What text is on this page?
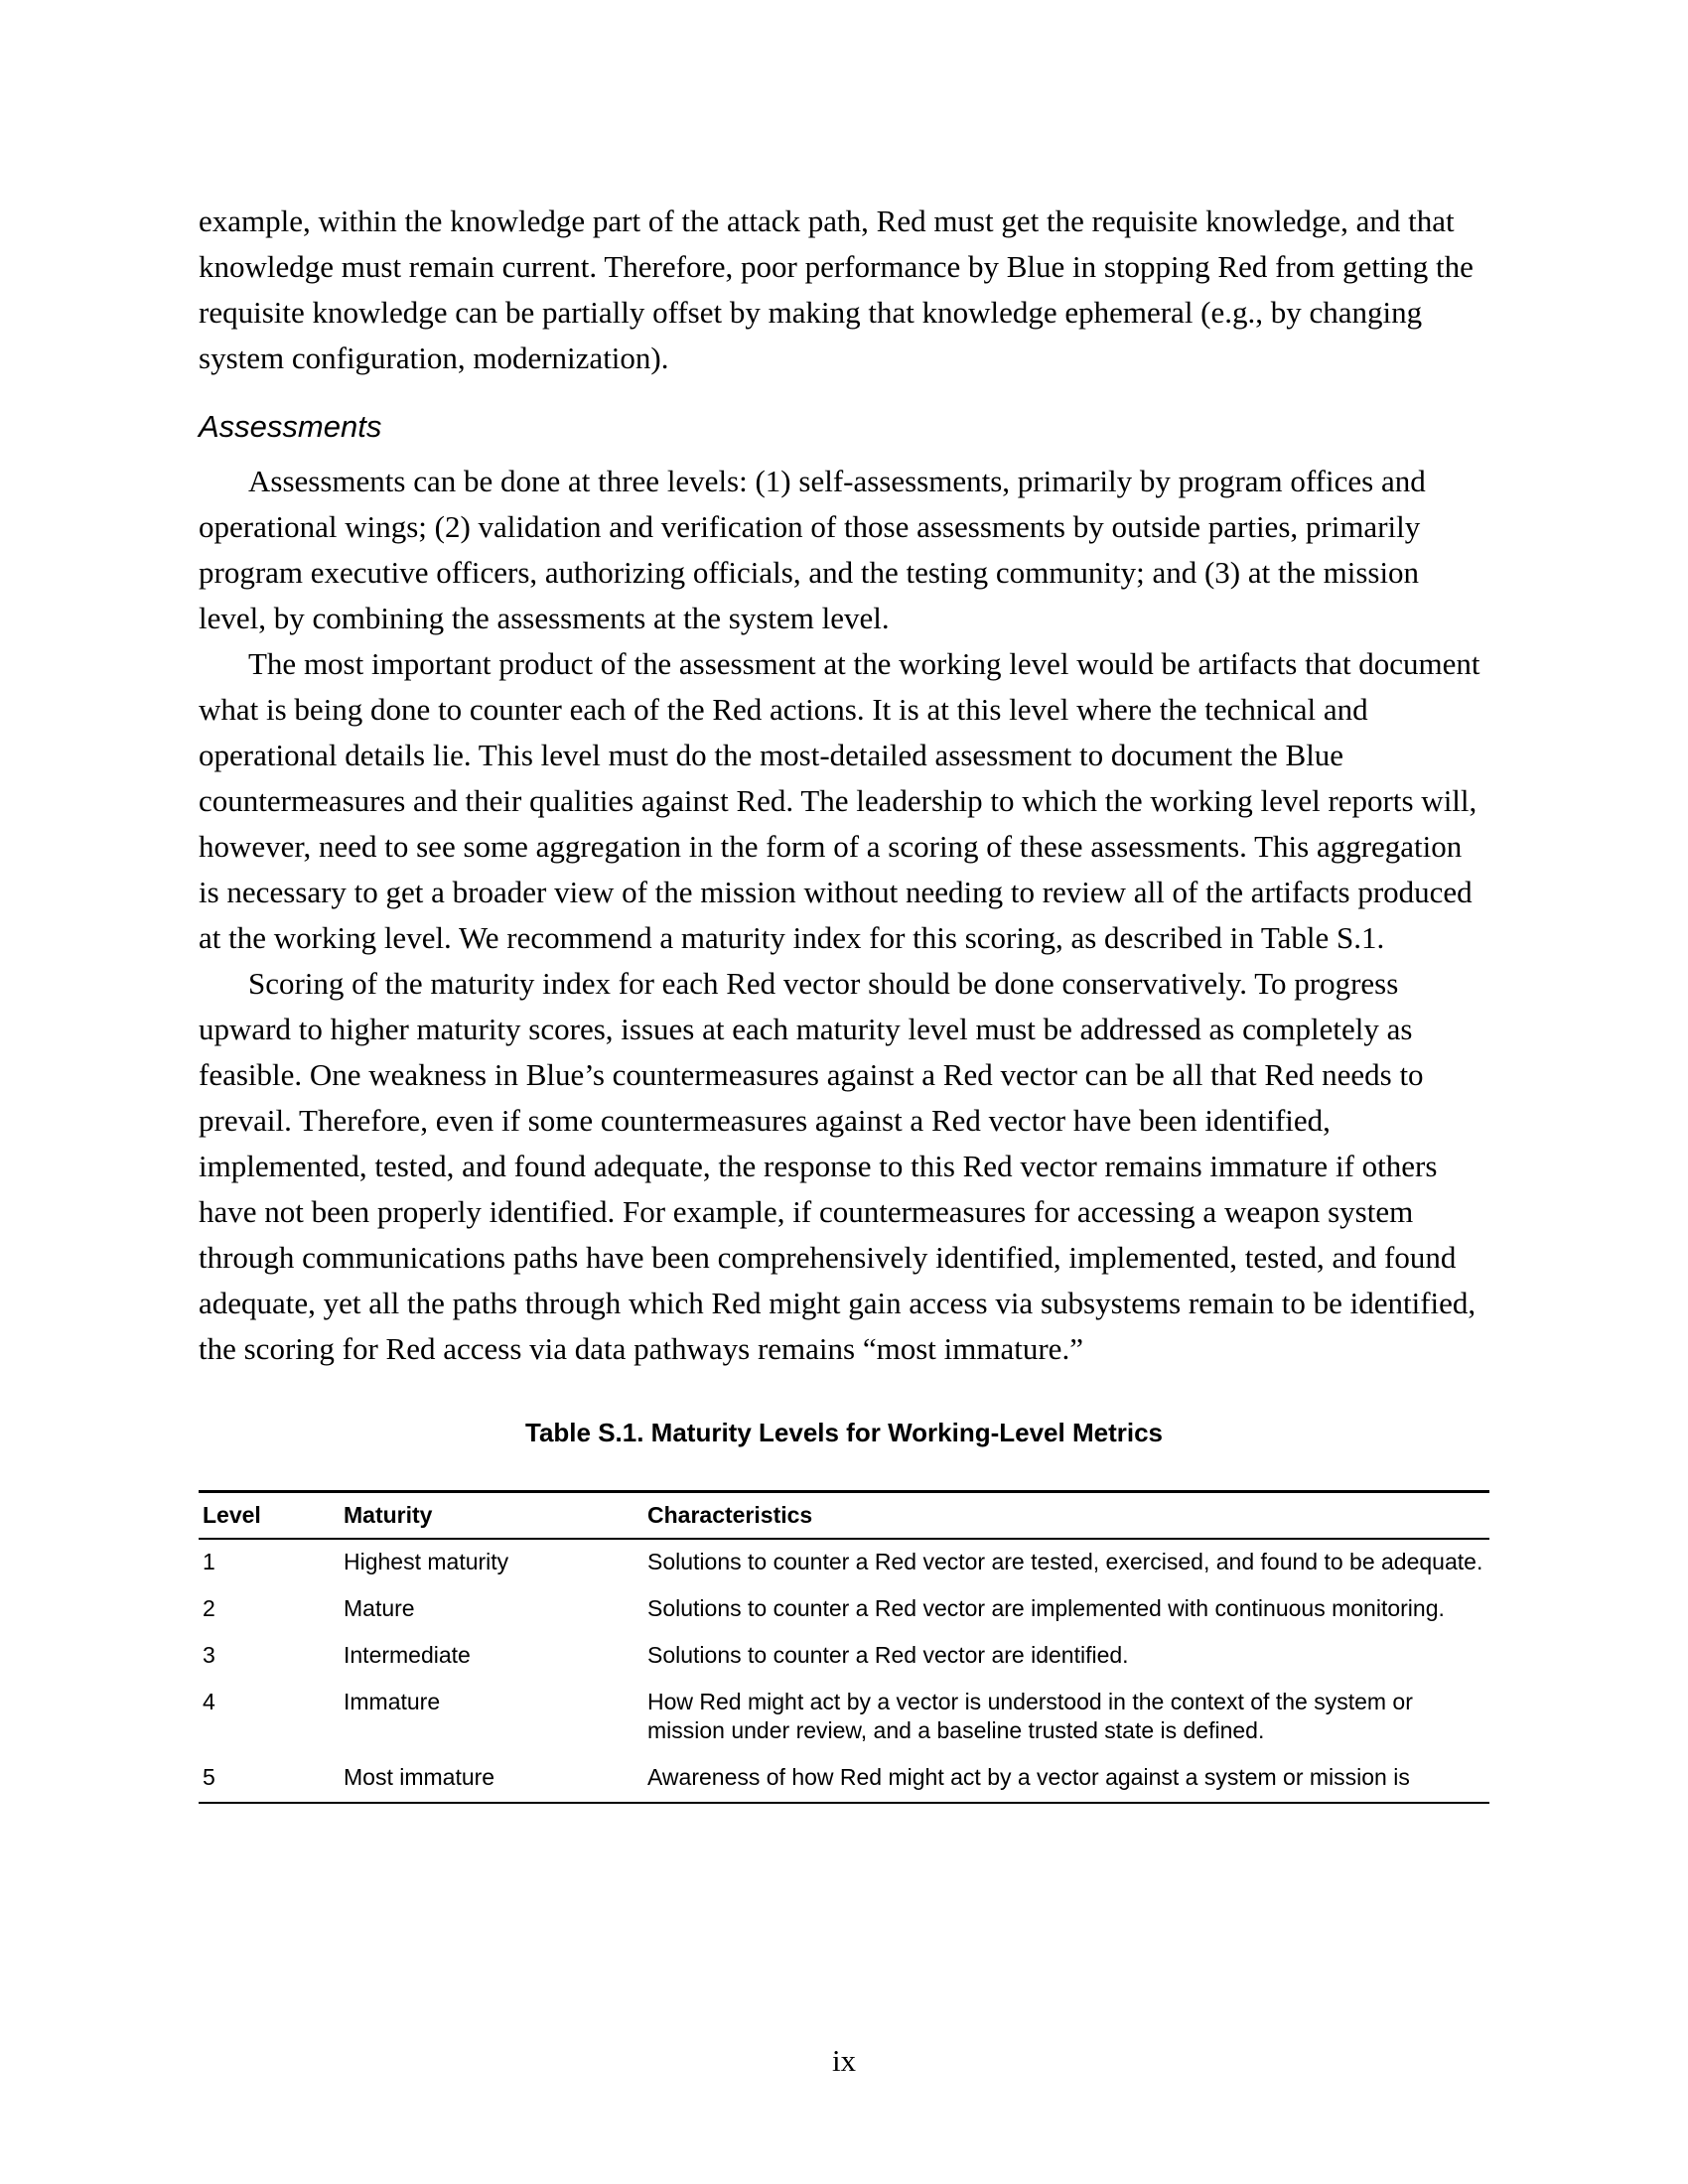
example, within the knowledge part of the attack path, Red must get the requisite knowledge, and that knowledge must remain current. Therefore, poor performance by Blue in stopping Red from getting the requisite knowledge can be partially offset by making that knowledge ephemeral (e.g., by changing system configuration, modernization).

Assessments

Assessments can be done at three levels: (1) self-assessments, primarily by program offices and operational wings; (2) validation and verification of those assessments by outside parties, primarily program executive officers, authorizing officials, and the testing community; and (3) at the mission level, by combining the assessments at the system level.

The most important product of the assessment at the working level would be artifacts that document what is being done to counter each of the Red actions. It is at this level where the technical and operational details lie. This level must do the most-detailed assessment to document the Blue countermeasures and their qualities against Red. The leadership to which the working level reports will, however, need to see some aggregation in the form of a scoring of these assessments. This aggregation is necessary to get a broader view of the mission without needing to review all of the artifacts produced at the working level. We recommend a maturity index for this scoring, as described in Table S.1.

Scoring of the maturity index for each Red vector should be done conservatively. To progress upward to higher maturity scores, issues at each maturity level must be addressed as completely as feasible. One weakness in Blue’s countermeasures against a Red vector can be all that Red needs to prevail. Therefore, even if some countermeasures against a Red vector have been identified, implemented, tested, and found adequate, the response to this Red vector remains immature if others have not been properly identified. For example, if countermeasures for accessing a weapon system through communications paths have been comprehensively identified, implemented, tested, and found adequate, yet all the paths through which Red might gain access via subsystems remain to be identified, the scoring for Red access via data pathways remains “most immature.”

Table S.1. Maturity Levels for Working-Level Metrics
Level	Maturity	Characteristics
1	Highest maturity	Solutions to counter a Red vector are tested, exercised, and found to be adequate.
2	Mature	Solutions to counter a Red vector are implemented with continuous monitoring.
3	Intermediate	Solutions to counter a Red vector are identified.
4	Immature	How Red might act by a vector is understood in the context of the system or mission under review, and a baseline trusted state is defined.
5	Most immature	Awareness of how Red might act by a vector against a system or mission is
ix
